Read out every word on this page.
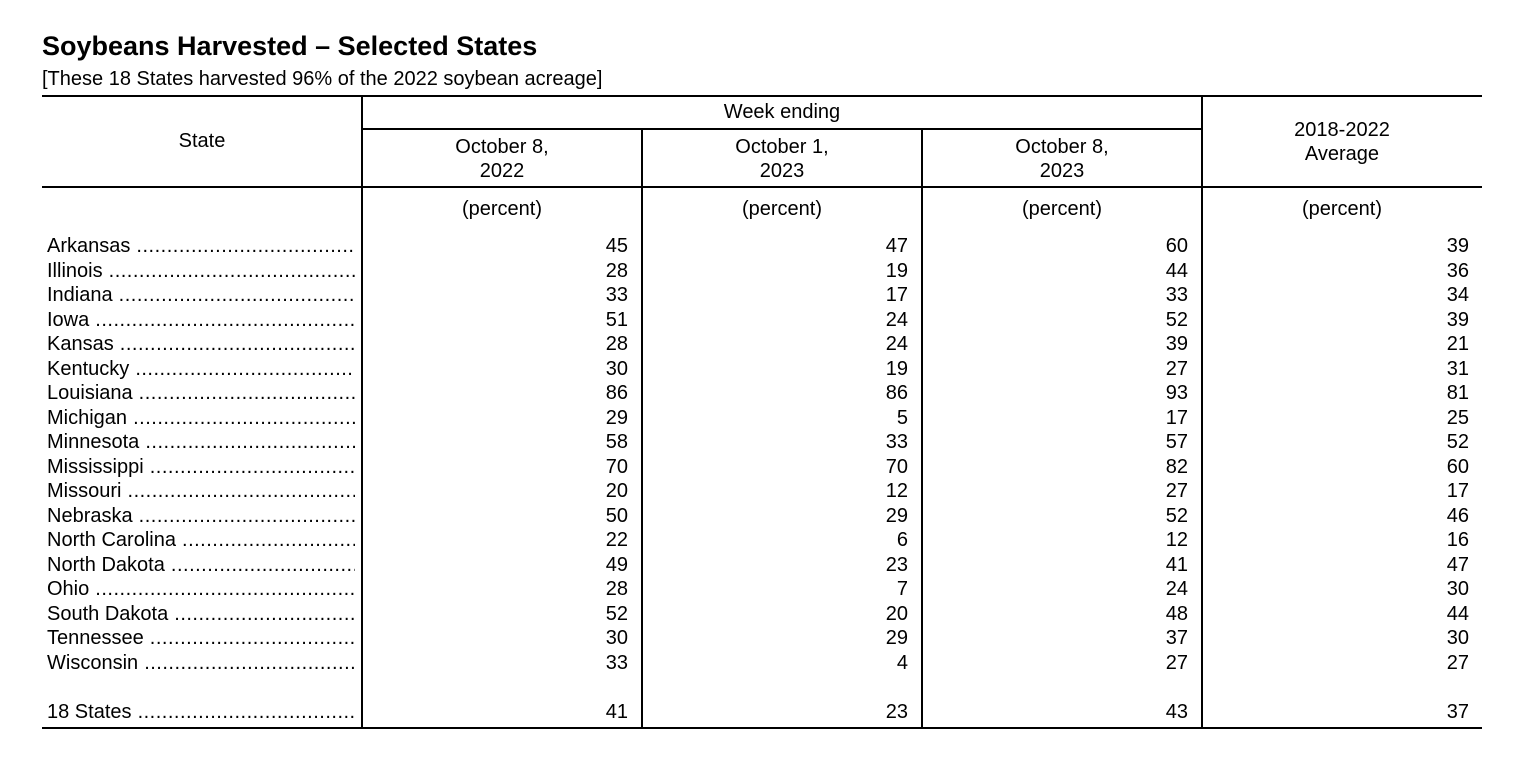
Soybeans Harvested – Selected States
[These 18 States harvested 96% of the 2022 soybean acreage]
State
Week ending
October 8,
2022
October 1,
2023
October 8,
2023
2018-2022
Average
(percent)	(percent)	(percent)	(percent)
Arkansas .....	45	47	60	39
Illinois .....	28	19	44	36
Indiana .....	33	17	33	34
Iowa .....	51	24	52	39
Kansas .....	28	24	39	21
Kentucky .....	30	19	27	31
Louisiana .....	86	86	93	81
Michigan .....	29	5	17	25
Minnesota .....	58	33	57	52
Mississippi .....	70	70	82	60
Missouri .....	20	12	27	17
Nebraska .....	50	29	52	46
North Carolina .....	22	6	12	16
North Dakota .....	49	23	41	47
Ohio .....	28	7	24	30
South Dakota .....	52	20	48	44
Tennessee .....	30	29	37	30
Wisconsin .....	33	4	27	27
18 States .....	41	23	43	37
